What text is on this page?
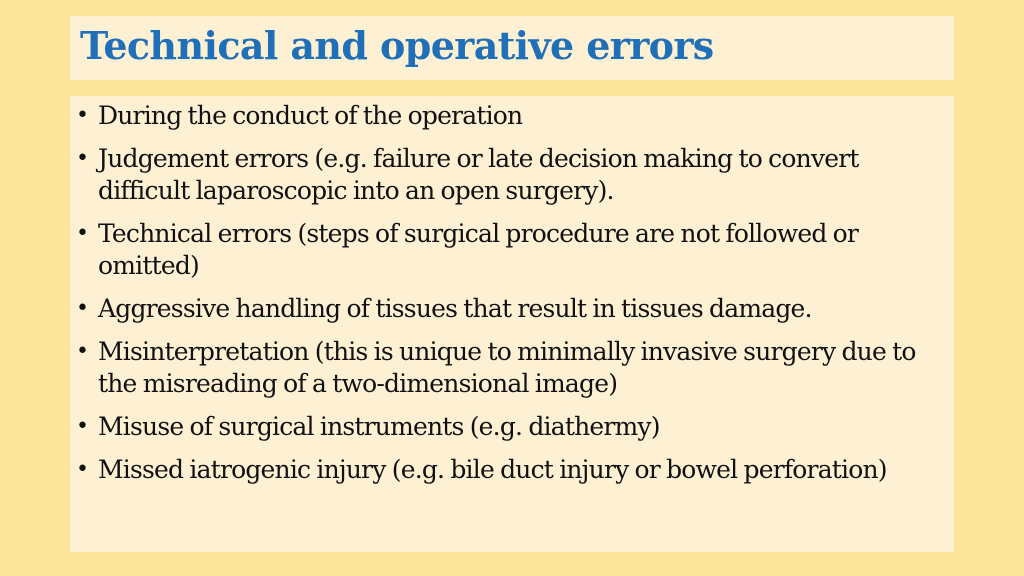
Technical and operative errors
• During the conduct of the operation
• Judgement errors (e.g. failure or late decision making to convert difficult laparoscopic into an open surgery).
• Technical errors (steps of surgical procedure are not followed or omitted)
• Aggressive handling of tissues that result in tissues damage.
• Misinterpretation (this is unique to minimally invasive surgery due to the misreading of a two-dimensional image)
• Misuse of surgical instruments (e.g. diathermy)
• Missed iatrogenic injury (e.g. bile duct injury or bowel perforation)
